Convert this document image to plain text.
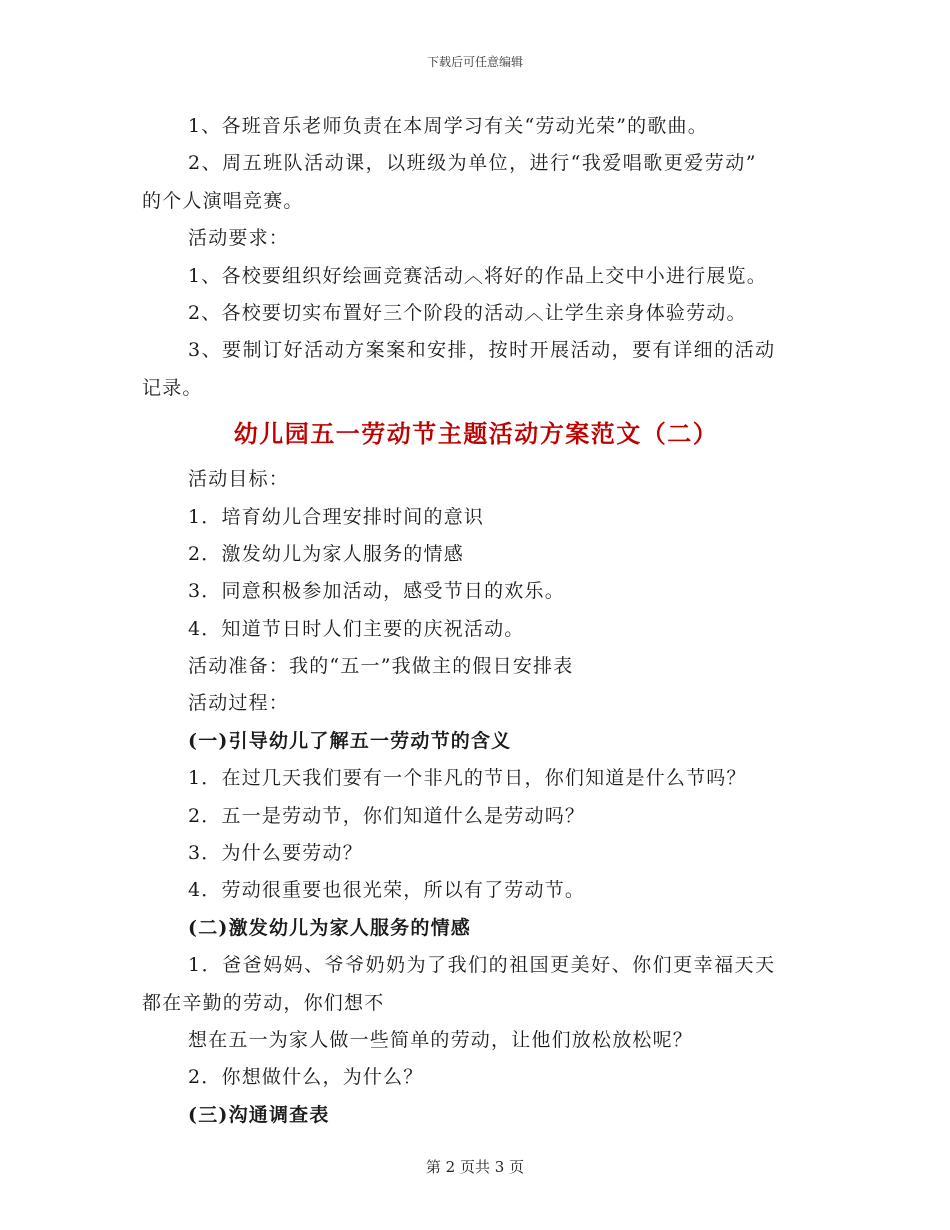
下载后可任意编辑
1、各班音乐老师负责在本周学习有关“劳动光荣”的歌曲。
2、周五班队活动课，以班级为单位，进行“我爱唱歌更爱劳动”
的个人演唱竞赛。
活动要求：
1、各校要组织好绘画竞赛活动︿将好的作品上交中小进行展览。
2、各校要切实布置好三个阶段的活动︿让学生亲身体验劳动。
3、要制订好活动方案案和安排，按时开展活动，要有详细的活动
记录。
幼儿园五一劳动节主题活动方案范文（二）
活动目标：
1．培育幼儿合理安排时间的意识
2．激发幼儿为家人服务的情感
3．同意积极参加活动，感受节日的欢乐。
4．知道节日时人们主要的庆祝活动。
活动准备：我的“五一”我做主的假日安排表
活动过程：
(一)引导幼儿了解五一劳动节的含义
1．在过几天我们要有一个非凡的节日，你们知道是什么节吗？
2．五一是劳动节，你们知道什么是劳动吗？
3．为什么要劳动？
4．劳动很重要也很光荣，所以有了劳动节。
(二)激发幼儿为家人服务的情感
1．爸爸妈妈、爷爷奶奶为了我们的祖国更美好、你们更幸福天天
都在辛勤的劳动，你们想不
想在五一为家人做一些简单的劳动，让他们放松放松呢？
2．你想做什么，为什么？
(三)沟通调查表
第 2 页共 3 页
